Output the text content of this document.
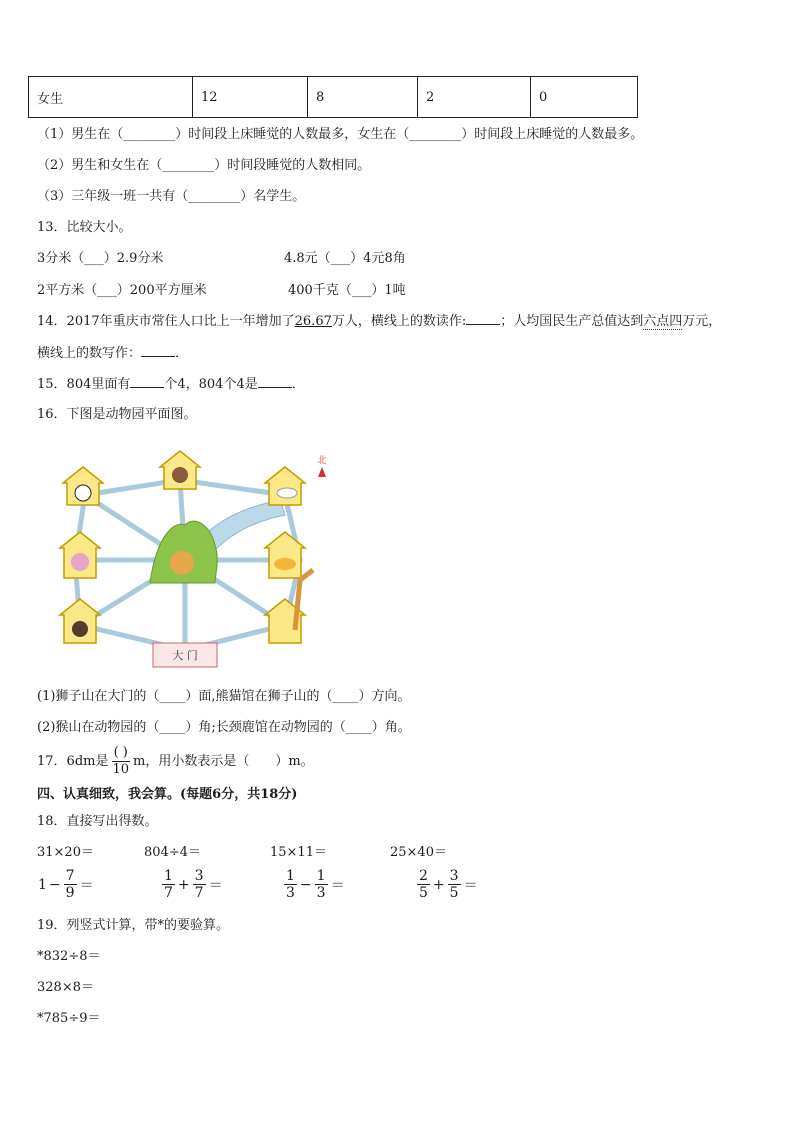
女生	12	8	2	0
（1）男生在（________）时间段上床睡觉的人数最多，女生在（________）时间段上床睡觉的人数最多。
（2）男生和女生在（________）时间段睡觉的人数相同。
（3）三年级一班一共有（________）名学生。
13．比较大小。
3分米（___）2.9分米	4.8元（___）4元8角
2平方米（___）200平方厘米	400千克（___）1吨
14．2017年重庆市常住人口比上一年增加了26.67万人，横线上的数读作:	；人均国民生产总值达到六点四万元，
横线上的数写作：	．
15．804里面有	个4，804个4是	．
16．下图是动物园平面图。
大 门
北
(1)狮子山在大门的（____）面,熊猫馆在狮子山的（____）方向。
(2)猴山在动物园的（____）角;长颈鹿馆在动物园的（____）角。
17．6dm是 $\frac{( )}{10}$ m，用小数表示是（　　）m。
四、认真细致，我会算。(每题6分，共18分)
18．直接写出得数。
31×20＝	804÷4＝	15×11＝	25×40＝
$1 - \frac{7}{9}$ ＝	$\frac{1}{7} + \frac{3}{7}$ ＝	$\frac{1}{3} - \frac{1}{3}$ ＝	$\frac{2}{5} + \frac{3}{5}$ ＝
19．列竖式计算，带*的要验算。
*832÷8＝
328×8＝
*785÷9＝
